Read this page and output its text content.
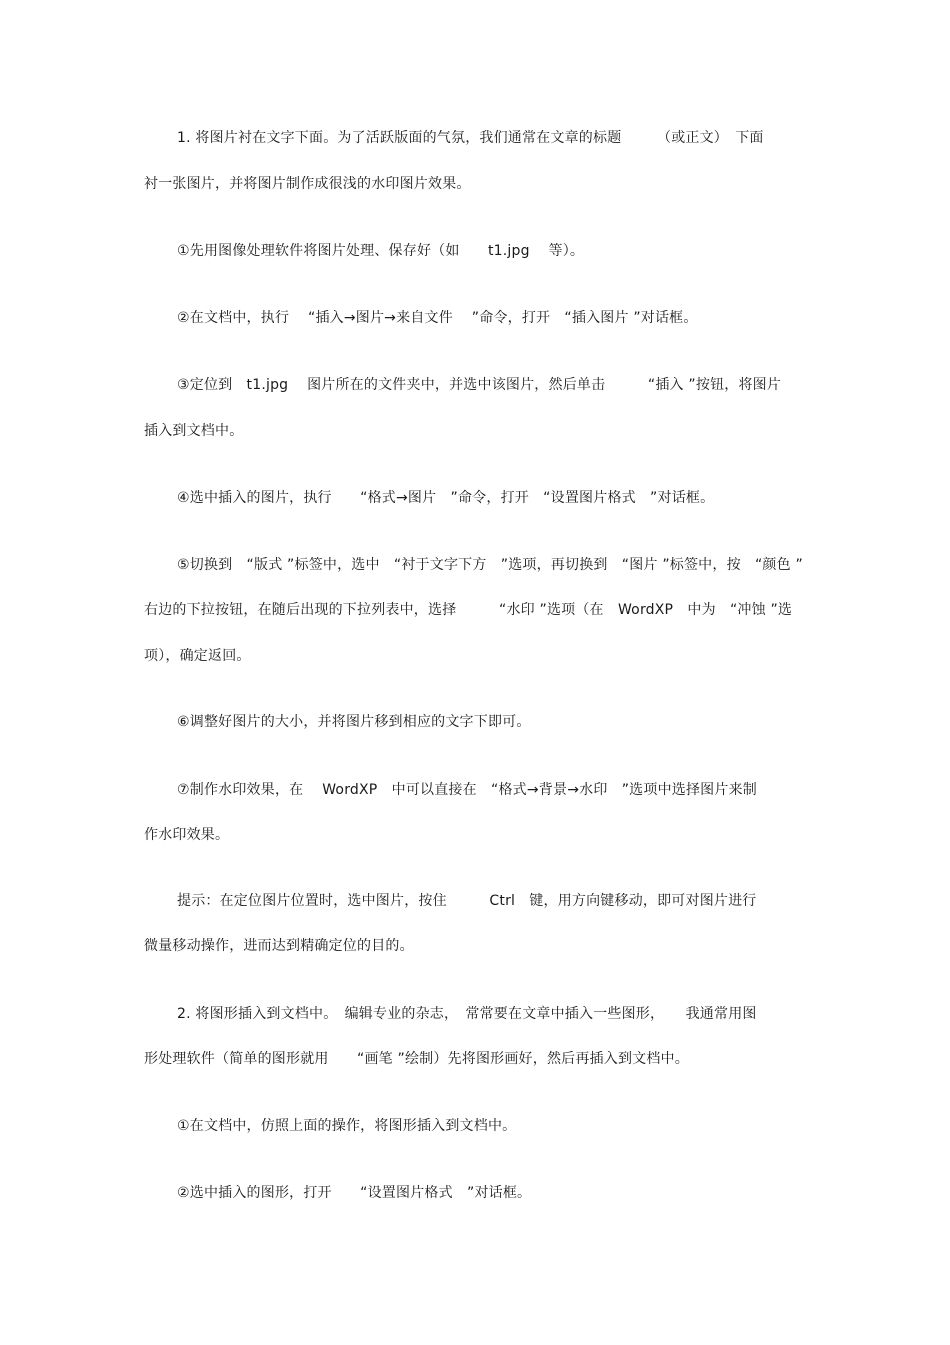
1. 将图片衬在文字下面。为了活跃版面的气氛，我们通常在文章的标题　　　（或正文）　下面
衬一张图片，并将图片制作成很浅的水印图片效果。
①先用图像处理软件将图片处理、保存好（如　　t1.jpg　 等）。
②在文档中，执行　 “插入→图片→来自文件　 ”命令，打开　“插入图片 ”对话框。
③定位到　t1.jpg　 图片所在的文件夹中，并选中该图片，然后单击　　　“插入 ”按钮，将图片
插入到文档中。
④选中插入的图片，执行　　“格式→图片　”命令，打开　“设置图片格式　”对话框。
⑤切换到　“版式 ”标签中，选中　“衬于文字下方　”选项，再切换到　“图片 ”标签中，按　“颜色 ”
右边的下拉按钮，在随后出现的下拉列表中，选择　　　“水印 ”选项（在　WordXP　中为　“冲蚀 ”选
项），确定返回。
⑥调整好图片的大小，并将图片移到相应的文字下即可。
⑦制作水印效果，在　 WordXP　中可以直接在　“格式→背景→水印　”选项中选择图片来制
作水印效果。
提示：在定位图片位置时，选中图片，按住　　　Ctrl　键，用方向键移动，即可对图片进行
微量移动操作，进而达到精确定位的目的。
2. 将图形插入到文档中。　编辑专业的杂志，　常常要在文章中插入一些图形，　　我通常用图
形处理软件（简单的图形就用　　“画笔 ”绘制）先将图形画好，然后再插入到文档中。
①在文档中，仿照上面的操作，将图形插入到文档中。
②选中插入的图形，打开　　“设置图片格式　”对话框。
